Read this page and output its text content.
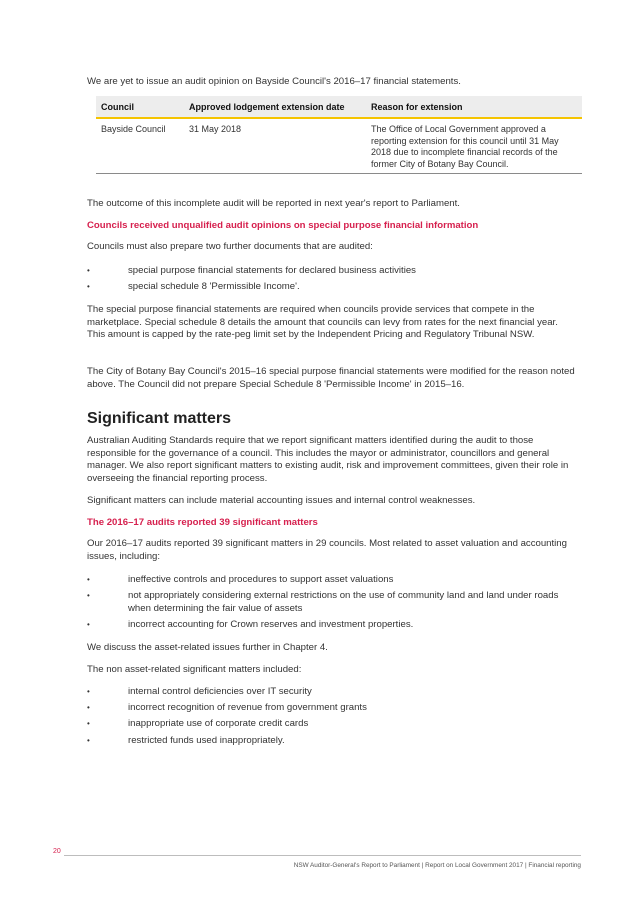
We are yet to issue an audit opinion on Bayside Council's 2016–17 financial statements.

Council	Approved lodgement extension date	Reason for extension
Bayside Council	31 May 2018	The Office of Local Government approved a reporting extension for this council until 31 May 2018 due to incomplete financial records of the former City of Botany Bay Council.

The outcome of this incomplete audit will be reported in next year's report to Parliament.

Councils received unqualified audit opinions on special purpose financial information

Councils must also prepare two further documents that are audited:

• special purpose financial statements for declared business activities
• special schedule 8 'Permissible Income'.

The special purpose financial statements are required when councils provide services that compete in the marketplace. Special schedule 8 details the amount that councils can levy from rates for the next financial year. This amount is capped by the rate-peg limit set by the Independent Pricing and Regulatory Tribunal NSW.

The City of Botany Bay Council's 2015–16 special purpose financial statements were modified for the reason noted above. The Council did not prepare Special Schedule 8 'Permissible Income' in 2015–16.

Significant matters

Australian Auditing Standards require that we report significant matters identified during the audit to those responsible for the governance of a council. This includes the mayor or administrator, councillors and general manager. We also report significant matters to existing audit, risk and improvement committees, given their role in overseeing the financial reporting process.

Significant matters can include material accounting issues and internal control weaknesses.

The 2016–17 audits reported 39 significant matters

Our 2016–17 audits reported 39 significant matters in 29 councils. Most related to asset valuation and accounting issues, including:

• ineffective controls and procedures to support asset valuations
• not appropriately considering external restrictions on the use of community land and land under roads when determining the fair value of assets
• incorrect accounting for Crown reserves and investment properties.

We discuss the asset-related issues further in Chapter 4.

The non asset-related significant matters included:

• internal control deficiencies over IT security
• incorrect recognition of revenue from government grants
• inappropriate use of corporate credit cards
• restricted funds used inappropriately.
20
NSW Auditor-General's Report to Parliament | Report on Local Government 2017 | Financial reporting
